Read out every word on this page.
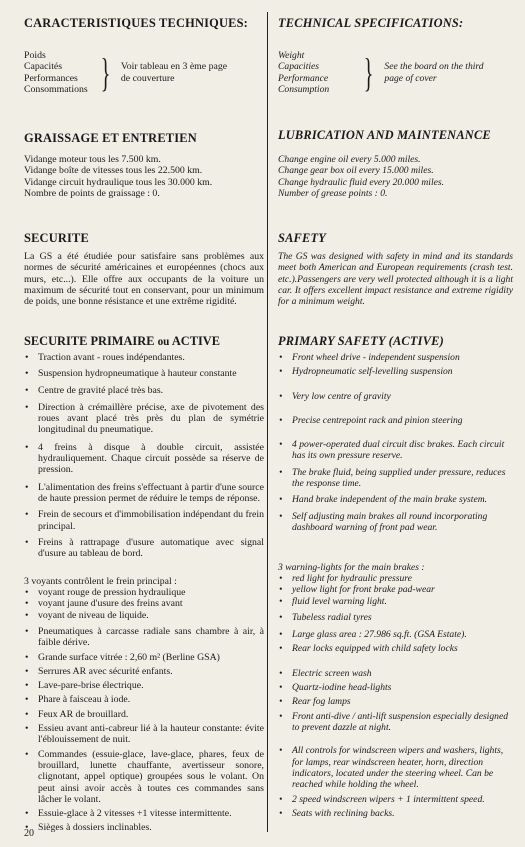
CARACTERISTIQUES TECHNIQUES:
Poids
Capacités
Performances
Consommations } Voir tableau en 3 ème page
de couverture
GRAISSAGE ET ENTRETIEN
Vidange moteur tous les 7.500 km.
Vidange boîte de vitesses tous les 22.500 km.
Vidange circuit hydraulique tous les 30.000 km.
Nombre de points de graissage : 0.
SECURITE
La GS a été étudiée pour satisfaire sans problèmes aux normes de sécurité américaines et européennes (chocs aux murs, etc...). Elle offre aux occupants de la voiture un maximum de sécurité tout en conservant, pour un minimum de poids, une bonne résistance et une extrême rigidité.
SECURITE PRIMAIRE ou ACTIVE
• Traction avant - roues indépendantes.
• Suspension hydropneumatique à hauteur constante
• Centre de gravité placé très bas.
• Direction à crémaillère précise, axe de pivotement des roues avant placé très près du plan de symétrie longitudinal du pneumatique.
• 4 freins à disque à double circuit, assistée hydrauliquement. Chaque circuit possède sa réserve de pression.
• L'alimentation des freins s'effectuant à partir d'une source de haute pression permet de réduire le temps de réponse.
• Frein de secours et d'immobilisation indépendant du frein principal.
• Freins à rattrapage d'usure automatique avec signal d'usure au tableau de bord.
3 voyants contrôlent le frein principal :
• voyant rouge de pression hydraulique
• voyant jaune d'usure des freins avant
• voyant de niveau de liquide.
• Pneumatiques à carcasse radiale sans chambre à air, à faible dérive.
• Grande surface vitrée : 2,60 m² (Berline GSA)
• Serrures AR avec sécurité enfants.
• Lave-pare-brise électrique.
• Phare à faisceau à iode.
• Feux AR de brouillard.
• Essieu avant anti-cabreur lié à la hauteur constante: évite l'éblouissement de nuit.
• Commandes (essuie-glace, lave-glace, phares, feux de brouillard, lunette chauffante, avertisseur sonore, clignotant, appel optique) groupées sous le volant. On peut ainsi avoir accès à toutes ces commandes sans lâcher le volant.
• Essuie-glace à 2 vitesses +1 vitesse intermittente.
• Sièges à dossiers inclinables.
TECHNICAL SPECIFICATIONS:
Weight
Capacities
Performance
Consumption } See the board on the third
page of cover
LUBRICATION AND MAINTENANCE
Change engine oil every 5.000 miles.
Change gear box oil every 15.000 miles.
Change hydraulic fluid every 20.000 miles.
Number of grease points : 0.
SAFETY
The GS was designed with safety in mind and its standards meet both American and European requirements (crash test. etc.).Passengers are very well protected although it is a light car. It offers excellent impact resistance and extreme rigidity for a minimum weight.
PRIMARY SAFETY (ACTIVE)
• Front wheel drive - independent suspension
• Hydropneumatic self-levelling suspension
• Very low centre of gravity
• Precise centrepoint rack and pinion steering
• 4 power-operated dual circuit disc brakes. Each circuit has its own pressure reserve.
• The brake fluid, being supplied under pressure, reduces the response time.
• Hand brake independent of the main brake system.
• Self adjusting main brakes all round incorporating dashboard warning of front pad wear.
3 warning-lights for the main brakes :
• red light for hydraulic pressure
• yellow light for front brake pad-wear
• fluid level warning light.
• Tubeless radial tyres
• Large glass area : 27.986 sq.ft. (GSA Estate).
• Rear locks equipped with child safety locks
• Electric screen wash
• Quartz-iodine head-lights
• Rear fog lamps
• Front anti-dive / anti-lift suspension especially designed to prevent dazzle at night.
• All controls for windscreen wipers and washers, lights, for lamps, rear windscreen heater, horn, direction indicators, located under the steering wheel. Can be reached while holding the wheel.
• 2 speed windscreen wipers + 1 intermittent speed.
• Seats with reclining backs.
20
